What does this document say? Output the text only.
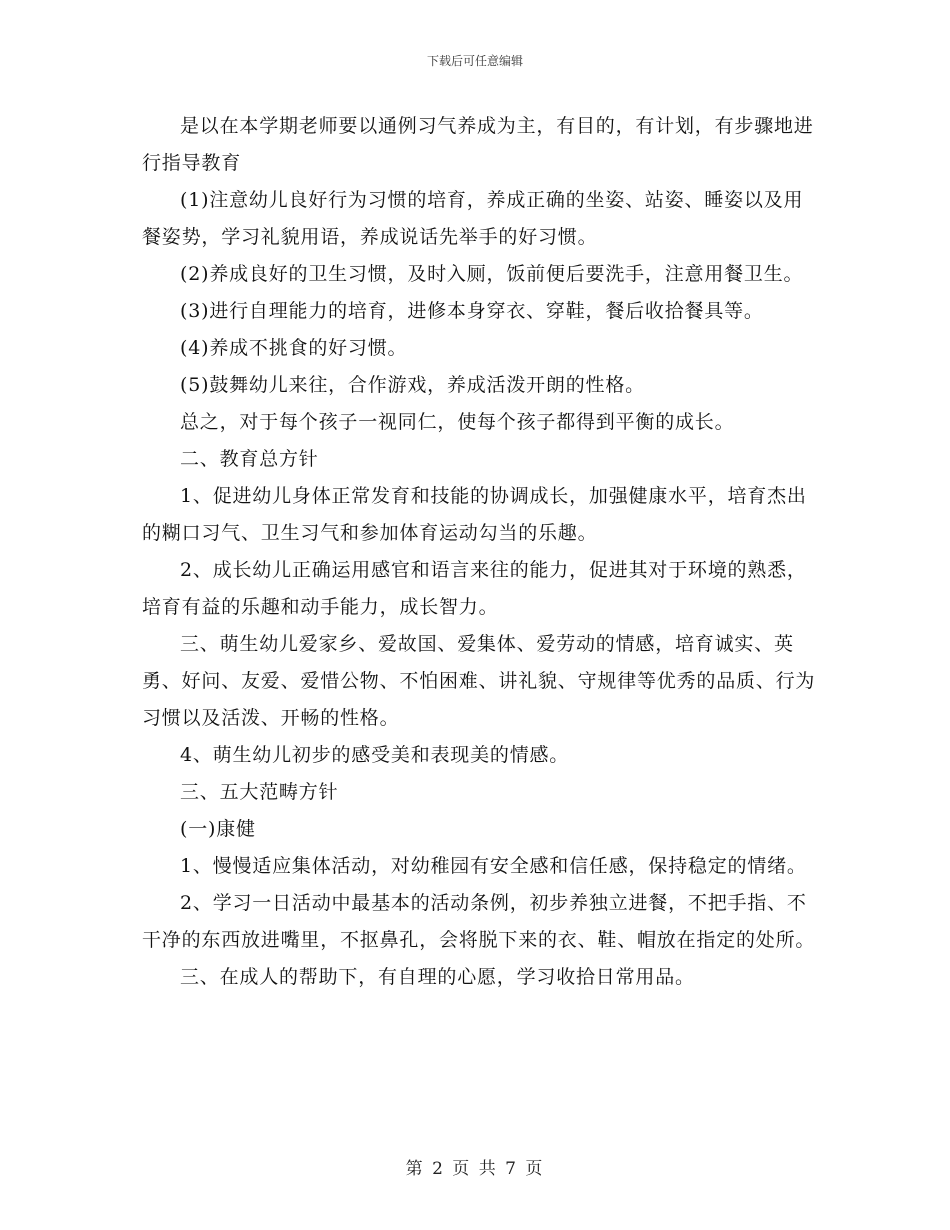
下载后可任意编辑

是以在本学期老师要以通例习气养成为主，有目的，有计划，有步骤地进行指导教育

(1)注意幼儿良好行为习惯的培育，养成正确的坐姿、站姿、睡姿以及用餐姿势，学习礼貌用语，养成说话先举手的好习惯。

(2)养成良好的卫生习惯，及时入厕，饭前便后要洗手，注意用餐卫生。

(3)进行自理能力的培育，进修本身穿衣、穿鞋，餐后收拾餐具等。

(4)养成不挑食的好习惯。

(5)鼓舞幼儿来往，合作游戏，养成活泼开朗的性格。

总之，对于每个孩子一视同仁，使每个孩子都得到平衡的成长。

二、教育总方针

1、促进幼儿身体正常发育和技能的协调成长，加强健康水平，培育杰出的糊口习气、卫生习气和参加体育运动勾当的乐趣。

2、成长幼儿正确运用感官和语言来往的能力，促进其对于环境的熟悉，培育有益的乐趣和动手能力，成长智力。

三、萌生幼儿爱家乡、爱故国、爱集体、爱劳动的情感，培育诚实、英勇、好问、友爱、爱惜公物、不怕困难、讲礼貌、守规律等优秀的品质、行为习惯以及活泼、开畅的性格。

4、萌生幼儿初步的感受美和表现美的情感。

三、五大范畴方针

(一)康健

1、慢慢适应集体活动，对幼稚园有安全感和信任感，保持稳定的情绪。

2、学习一日活动中最基本的活动条例，初步养独立进餐，不把手指、不干净的东西放进嘴里，不抠鼻孔，会将脱下来的衣、鞋、帽放在指定的处所。

三、在成人的帮助下，有自理的心愿，学习收拾日常用品。

第 2 页 共 7 页
